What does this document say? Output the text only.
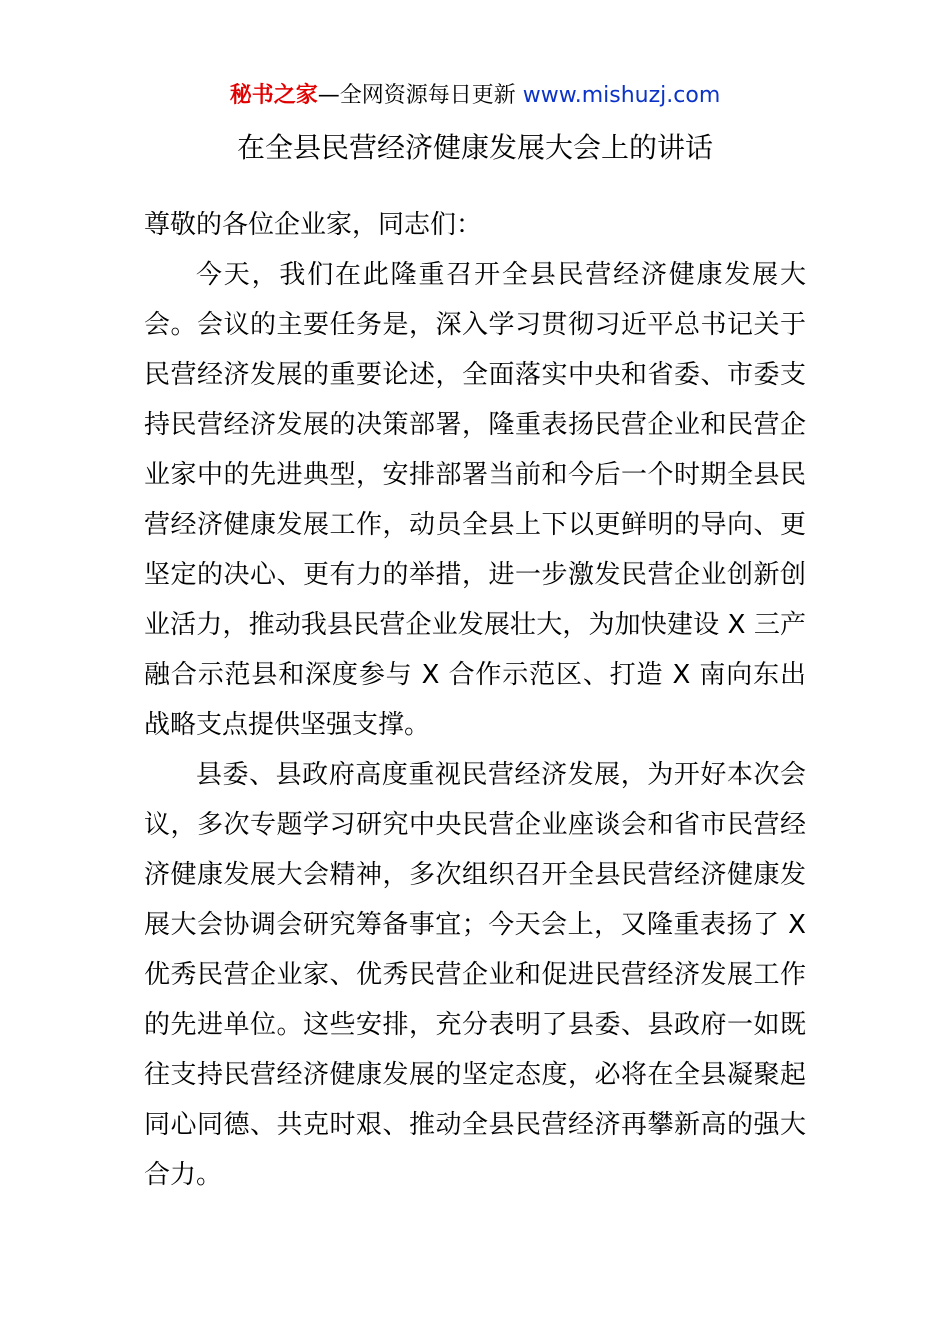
秘书之家—全网资源每日更新 www.mishuzj.com
在全县民营经济健康发展大会上的讲话

尊敬的各位企业家，同志们：

今天，我们在此隆重召开全县民营经济健康发展大会。会议的主要任务是，深入学习贯彻习近平总书记关于民营经济发展的重要论述，全面落实中央和省委、市委支持民营经济发展的决策部署，隆重表扬民营企业和民营企业家中的先进典型，安排部署当前和今后一个时期全县民营经济健康发展工作，动员全县上下以更鲜明的导向、更坚定的决心、更有力的举措，进一步激发民营企业创新创业活力，推动我县民营企业发展壮大，为加快建设 X 三产融合示范县和深度参与 X 合作示范区、打造 X 南向东出战略支点提供坚强支撑。

县委、县政府高度重视民营经济发展，为开好本次会议，多次专题学习研究中央民营企业座谈会和省市民营经济健康发展大会精神，多次组织召开全县民营经济健康发展大会协调会研究筹备事宜；今天会上，又隆重表扬了 X 优秀民营企业家、优秀民营企业和促进民营经济发展工作的先进单位。这些安排，充分表明了县委、县政府一如既往支持民营经济健康发展的坚定态度，必将在全县凝聚起同心同德、共克时艰、推动全县民营经济再攀新高的强大合力。
